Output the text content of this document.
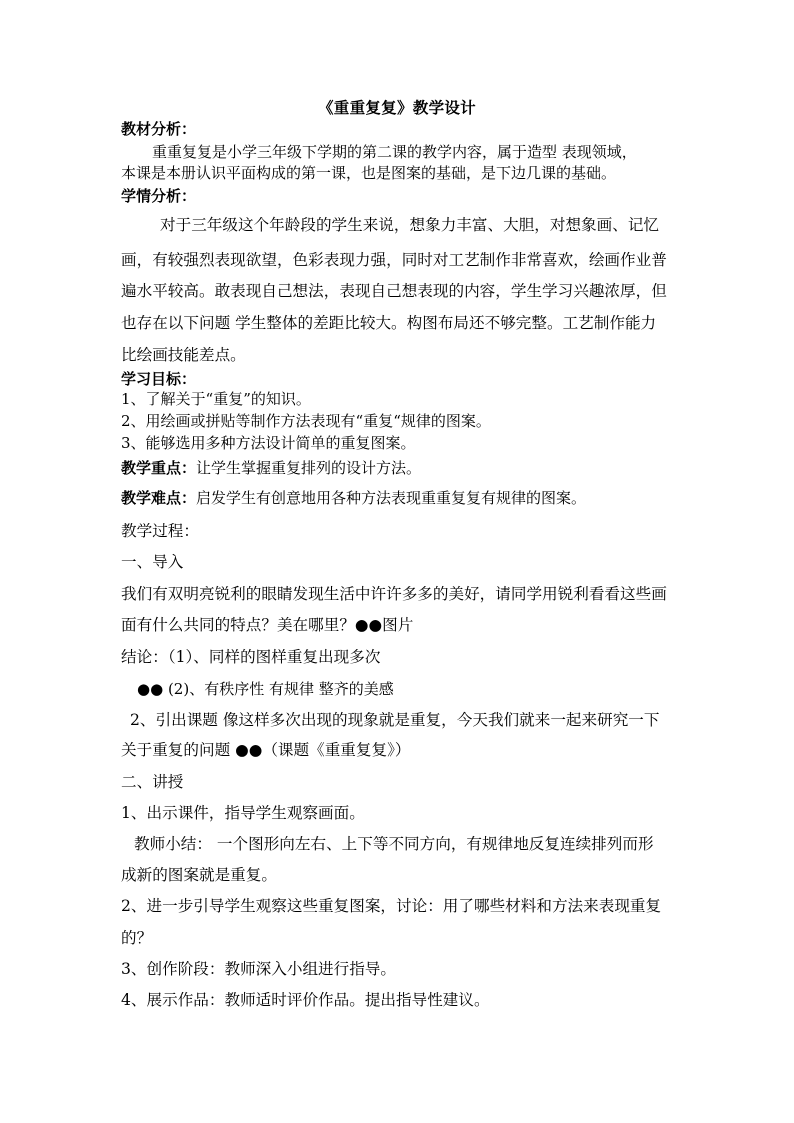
《重重复复》教学设计
教材分析：
重重复复是小学三年级下学期的第二课的教学内容，属于造型 表现领域，
本课是本册认识平面构成的第一课，也是图案的基础，是下边几课的基础。
学情分析：
对于三年级这个年龄段的学生来说，想象力丰富、大胆，对想象画、记忆
画，有较强烈表现欲望，色彩表现力强，同时对工艺制作非常喜欢，绘画作业普
遍水平较高。敢表现自己想法，表现自己想表现的内容，学生学习兴趣浓厚，但
也存在以下问题 学生整体的差距比较大。构图布局还不够完整。工艺制作能力
比绘画技能差点。
学习目标：
1、了解关于“重复”的知识。
2、用绘画或拼贴等制作方法表现有“重复“规律的图案。
3、能够选用多种方法设计简单的重复图案。
教学重点：让学生掌握重复排列的设计方法。
教学难点：启发学生有创意地用各种方法表现重重复复有规律的图案。
教学过程：
一、导入
我们有双明亮锐利的眼睛发现生活中许许多多的美好，请同学用锐利看看这些画
面有什么共同的特点？美在哪里？●●图片
结论：（1）、同样的图样重复出现多次
●● (2)、有秩序性 有规律 整齐的美感
2、引出课题 像这样多次出现的现象就是重复，今天我们就来一起来研究一下
关于重复的问题 ●●（课题《重重复复》）
二、讲授
1、出示课件，指导学生观察画面。
教师小结： 一个图形向左右、上下等不同方向，有规律地反复连续排列而形
成新的图案就是重复。
2、进一步引导学生观察这些重复图案，讨论：用了哪些材料和方法来表现重复
的？
3、创作阶段：教师深入小组进行指导。
4、展示作品：教师适时评价作品。提出指导性建议。
